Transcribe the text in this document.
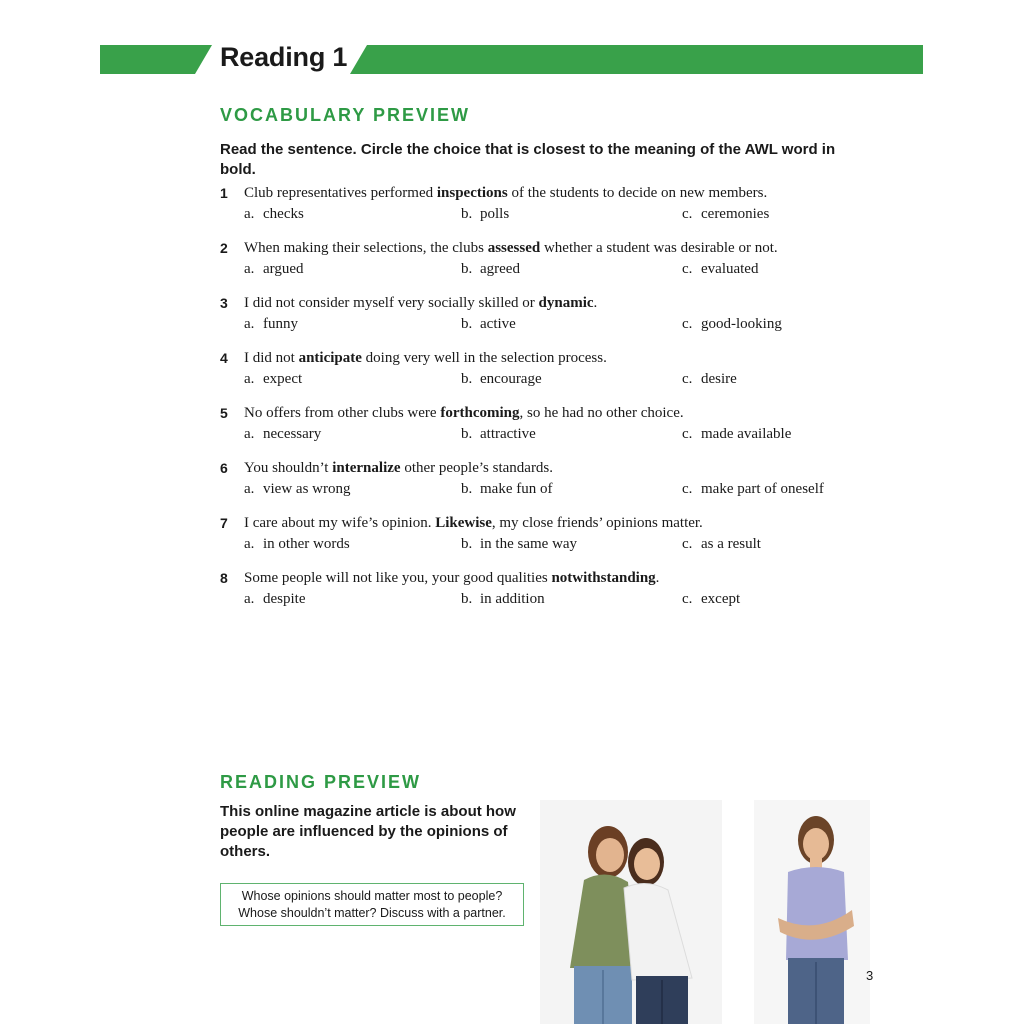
Reading 1
VOCABULARY PREVIEW
Read the sentence. Circle the choice that is closest to the meaning of the AWL word in bold.
1 Club representatives performed inspections of the students to decide on new members.
a. checks	b. polls	c. ceremonies
2 When making their selections, the clubs assessed whether a student was desirable or not.
a. argued	b. agreed	c. evaluated
3 I did not consider myself very socially skilled or dynamic.
a. funny	b. active	c. good-looking
4 I did not anticipate doing very well in the selection process.
a. expect	b. encourage	c. desire
5 No offers from other clubs were forthcoming, so he had no other choice.
a. necessary	b. attractive	c. made available
6 You shouldn’t internalize other people’s standards.
a. view as wrong	b. make fun of	c. make part of oneself
7 I care about my wife’s opinion. Likewise, my close friends’ opinions matter.
a. in other words	b. in the same way	c. as a result
8 Some people will not like you, your good qualities notwithstanding.
a. despite	b. in addition	c. except
READING PREVIEW
This online magazine article is about how people are influenced by the opinions of others.
Whose opinions should matter most to people?
Whose shouldn’t matter? Discuss with a partner.
3
